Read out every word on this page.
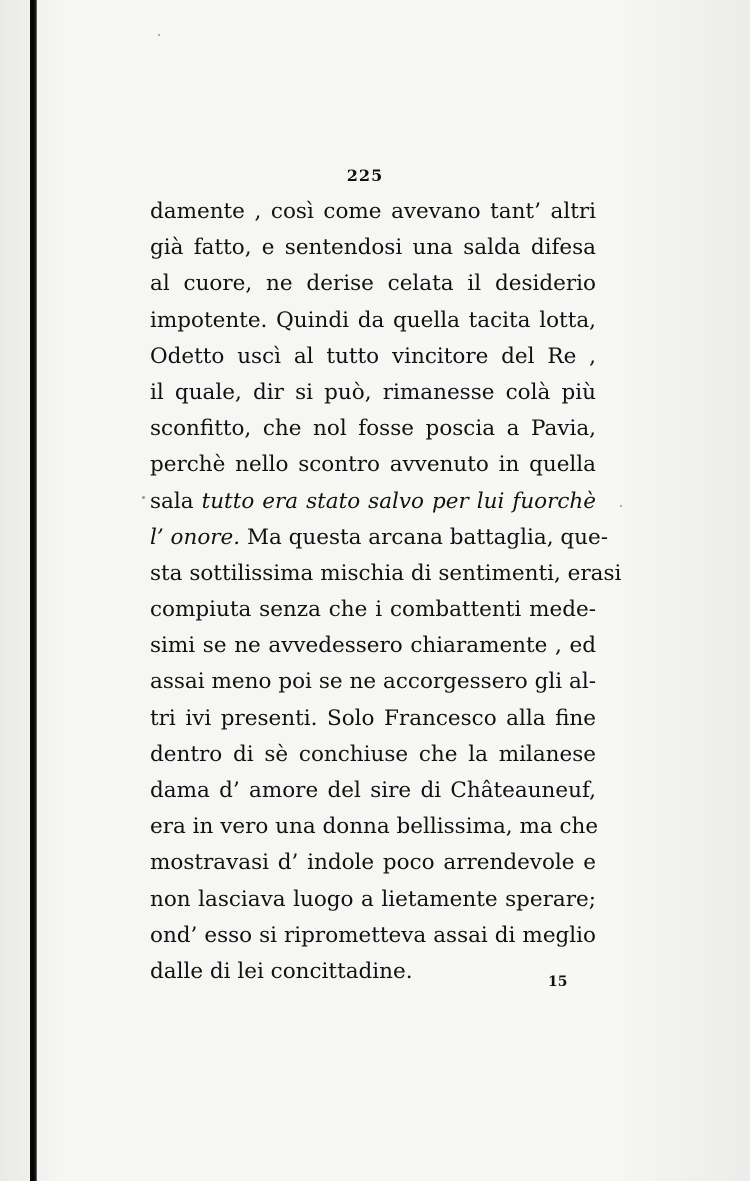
225
damente , così come avevano tant’ altri
già fatto, e sentendosi una salda difesa
al cuore, ne derise celata il desiderio
impotente. Quindi da quella tacita lotta,
Odetto uscì al tutto vincitore del Re ,
il quale, dir si può, rimanesse colà più
sconfitto, che nol fosse poscia a Pavia,
perchè nello scontro avvenuto in quella
sala tutto era stato salvo per lui fuorchè
l’ onore. Ma questa arcana battaglia, que-
sta sottilissima mischia di sentimenti, erasi
compiuta senza che i combattenti mede-
simi se ne avvedessero chiaramente , ed
assai meno poi se ne accorgessero gli al-
tri ivi presenti. Solo Francesco alla fine
dentro di sè conchiuse che la milanese
dama d’ amore del sire di Châteauneuf,
era in vero una donna bellissima, ma che
mostravasi d’ indole poco arrendevole e
non lasciava luogo a lietamente sperare;
ond’ esso si riprometteva assai di meglio
dalle di lei concittadine.	15
